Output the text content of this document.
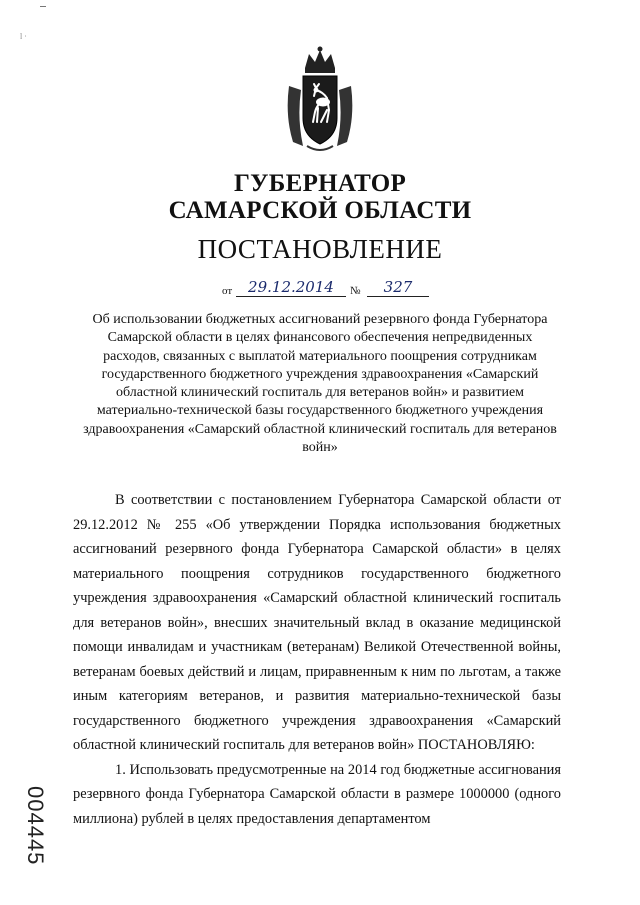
l ·
ГУБЕРНАТОР
САМАРСКОЙ ОБЛАСТИ
ПОСТАНОВЛЕНИЕ
от	29.12.2014	№	327
Об использовании бюджетных ассигнований резервного фонда Губернатора Самарской области в целях финансового обеспечения непредвиденных расходов, связанных с выплатой материального поощрения сотрудникам государственного бюджетного учреждения здравоохранения «Самарский областной клинический госпиталь для ветеранов войн» и развитием материально-технической базы государственного бюджетного учреждения здравоохранения «Самарский областной клинический госпиталь для ветеранов войн»

В соответствии с постановлением Губернатора Самарской области от 29.12.2012 № 255 «Об утверждении Порядка использования бюджетных ассигнований резервного фонда Губернатора Самарской области» в целях материального поощрения сотрудников государственного бюджетного учреждения здравоохранения «Самарский областной клинический госпиталь для ветеранов войн», внесших значительный вклад в оказание медицинской помощи инвалидам и участникам (ветеранам) Великой Отечественной войны, ветеранам боевых действий и лицам, приравненным к ним по льготам, а также иным категориям ветеранов, и развития материально-технической базы государственного бюджетного учреждения здравоохранения «Самарский областной клинический госпиталь для ветеранов войн» ПОСТАНОВЛЯЮ:

1. Использовать предусмотренные на 2014 год бюджетные ассигнования резервного фонда Губернатора Самарской области в размере 1000000 (одного миллиона) рублей в целях предоставления департаментом

004445
